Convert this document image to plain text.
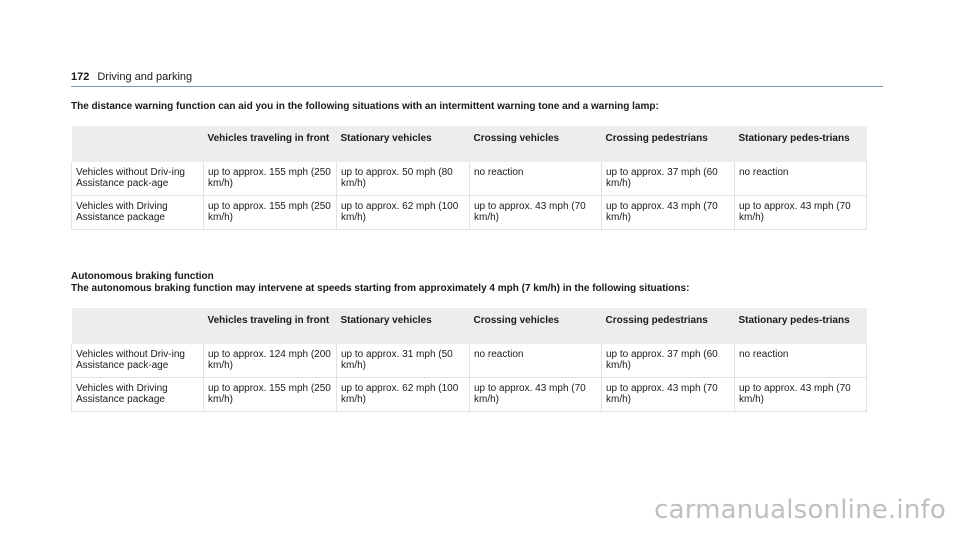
172 Driving and parking

The distance warning function can aid you in the following situations with an intermittent warning tone and a warning lamp:

	Vehicles traveling in front	Stationary vehicles	Crossing vehicles	Crossing pedestrians	Stationary pedes-trians
Vehicles without Driv-ing Assistance pack-age	up to approx. 155 mph (250 km/h)	up to approx. 50 mph (80 km/h)	no reaction	up to approx. 37 mph (60 km/h)	no reaction
Vehicles with Driving Assistance package	up to approx. 155 mph (250 km/h)	up to approx. 62 mph (100 km/h)	up to approx. 43 mph (70 km/h)	up to approx. 43 mph (70 km/h)	up to approx. 43 mph (70 km/h)
Autonomous braking function

The autonomous braking function may intervene at speeds starting from approximately 4 mph (7 km/h) in the following situations:

	Vehicles traveling in front	Stationary vehicles	Crossing vehicles	Crossing pedestrians	Stationary pedes-trians
Vehicles without Driv-ing Assistance pack-age	up to approx. 124 mph (200 km/h)	up to approx. 31 mph (50 km/h)	no reaction	up to approx. 37 mph (60 km/h)	no reaction
Vehicles with Driving Assistance package	up to approx. 155 mph (250 km/h)	up to approx. 62 mph (100 km/h)	up to approx. 43 mph (70 km/h)	up to approx. 43 mph (70 km/h)	up to approx. 43 mph (70 km/h)
carmanualsonline.info
